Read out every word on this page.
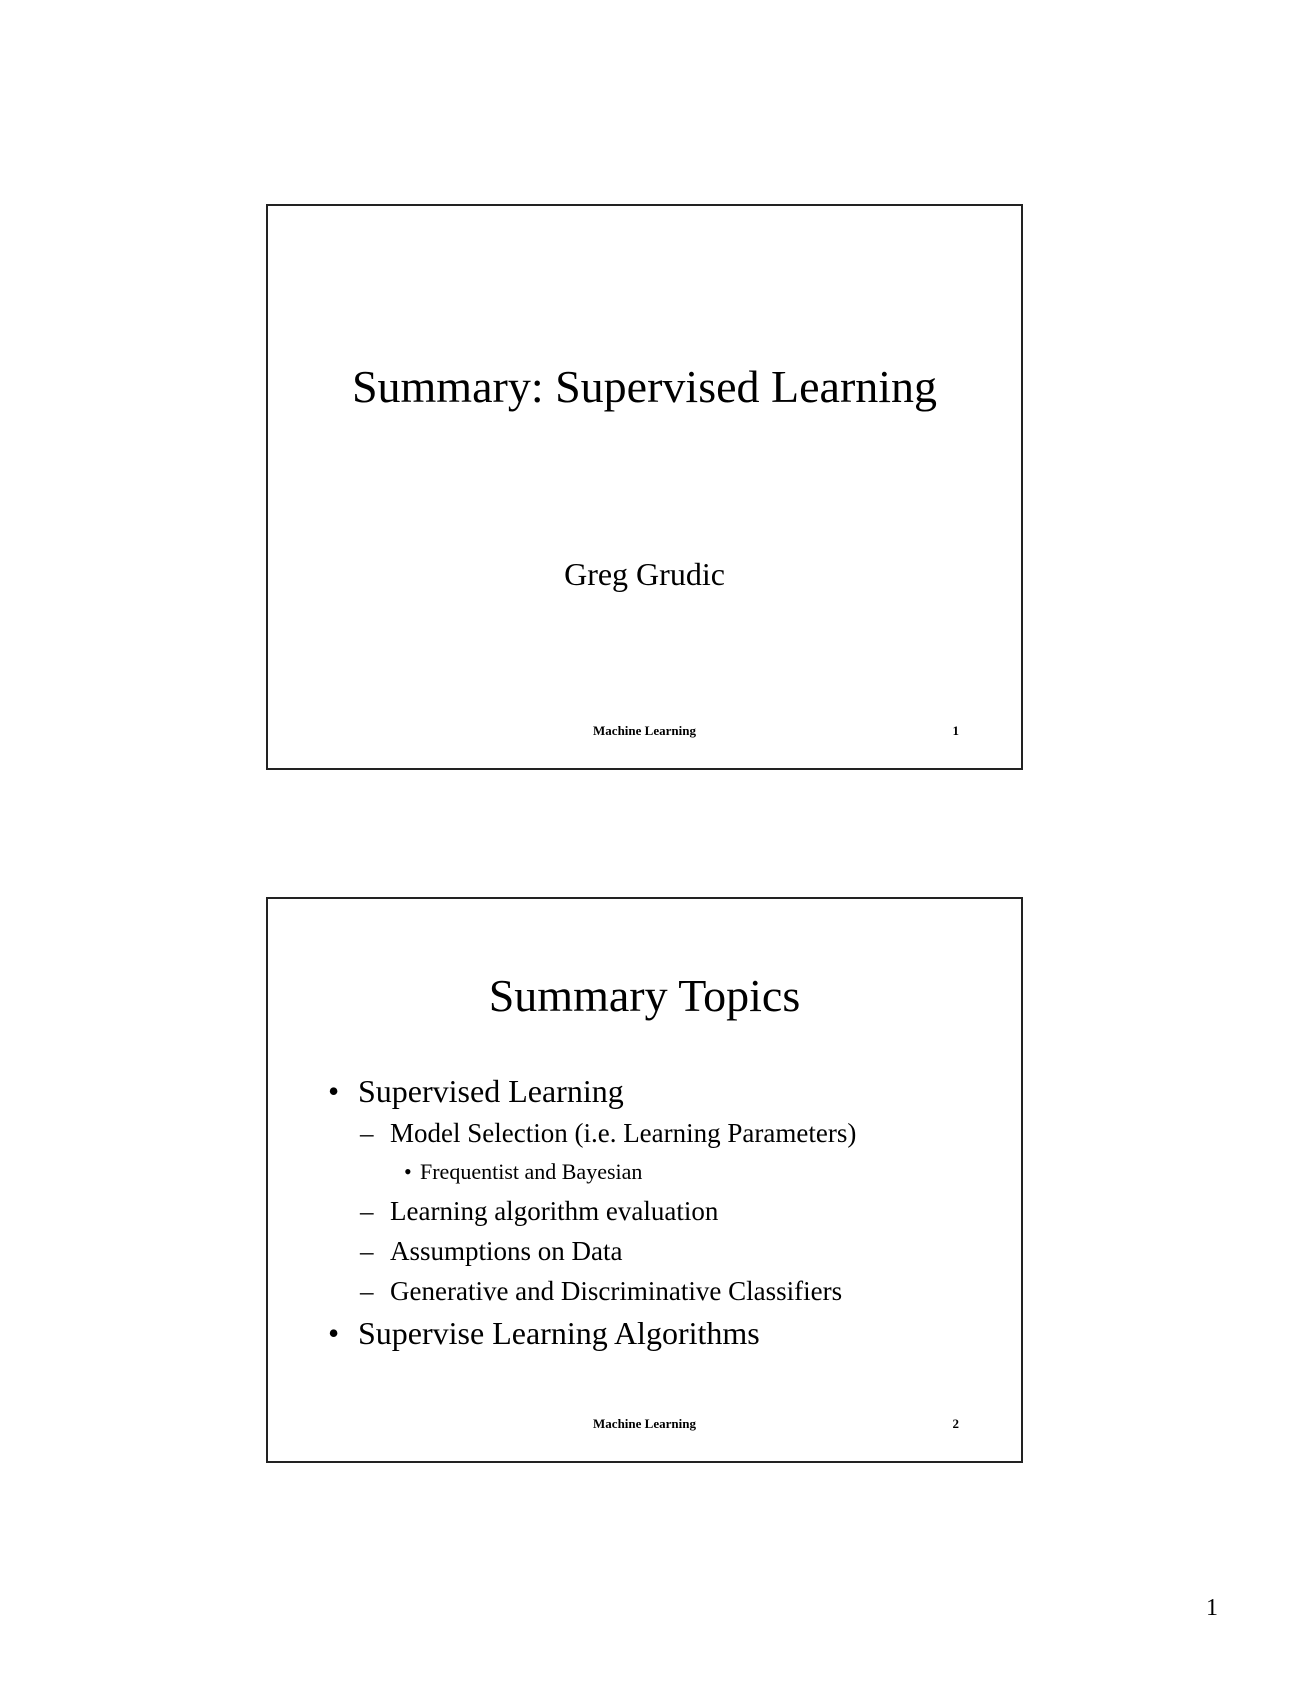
Summary: Supervised Learning
Greg Grudic
Machine Learning	1
Summary Topics
• Supervised Learning
– Model Selection (i.e. Learning Parameters)
• Frequentist and Bayesian
– Learning algorithm evaluation
– Assumptions on Data
– Generative and Discriminative Classifiers
• Supervise Learning Algorithms
Machine Learning	2
1
